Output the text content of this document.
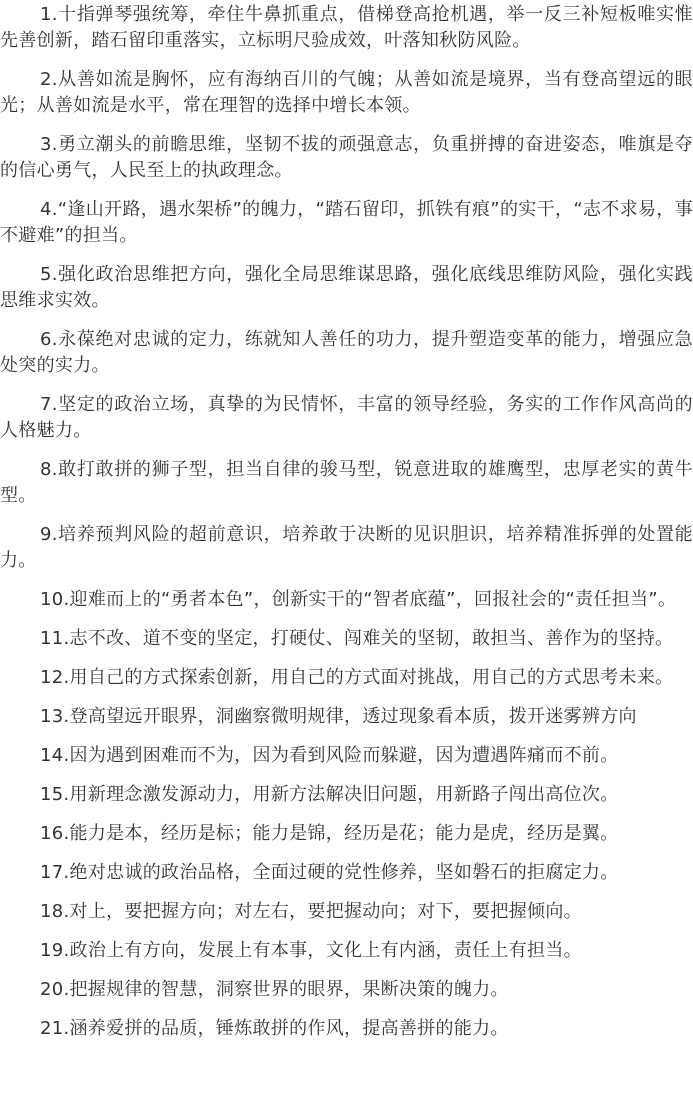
1.十指弹琴强统筹，牵住牛鼻抓重点，借梯登高抢机遇，举一反三补短板唯实惟先善创新，踏石留印重落实，立标明尺验成效，叶落知秋防风险。

2.从善如流是胸怀，应有海纳百川的气魄；从善如流是境界，当有登高望远的眼光；从善如流是水平，常在理智的选择中增长本领。

3.勇立潮头的前瞻思维，坚韧不拔的顽强意志，负重拼搏的奋进姿态，唯旗是夺的信心勇气，人民至上的执政理念。

4.“逢山开路，遇水架桥”的魄力，“踏石留印，抓铁有痕”的实干，“志不求易，事不避难”的担当。

5.强化政治思维把方向，强化全局思维谋思路，强化底线思维防风险，强化实践思维求实效。

6.永葆绝对忠诚的定力，练就知人善任的功力，提升塑造变革的能力，增强应急处突的实力。

7.坚定的政治立场，真挚的为民情怀，丰富的领导经验，务实的工作作风高尚的人格魅力。

8.敢打敢拼的狮子型，担当自律的骏马型，锐意进取的雄鹰型，忠厚老实的黄牛型。

9.培养预判风险的超前意识，培养敢于决断的见识胆识，培养精准拆弹的处置能力。

10.迎难而上的“勇者本色”，创新实干的“智者底蕴”，回报社会的“责任担当”。

11.志不改、道不变的坚定，打硬仗、闯难关的坚韧，敢担当、善作为的坚持。

12.用自己的方式探索创新，用自己的方式面对挑战，用自己的方式思考未来。

13.登高望远开眼界，洞幽察微明规律，透过现象看本质，拨开迷雾辨方向

14.因为遇到困难而不为，因为看到风险而躲避，因为遭遇阵痛而不前。

15.用新理念激发源动力，用新方法解决旧问题，用新路子闯出高位次。

16.能力是本，经历是标；能力是锦，经历是花；能力是虎，经历是翼。

17.绝对忠诚的政治品格，全面过硬的党性修养，坚如磐石的拒腐定力。

18.对上，要把握方向；对左右，要把握动向；对下，要把握倾向。

19.政治上有方向，发展上有本事，文化上有内涵，责任上有担当。

20.把握规律的智慧，洞察世界的眼界，果断决策的魄力。

21.涵养爱拼的品质，锤炼敢拼的作风，提高善拼的能力。
